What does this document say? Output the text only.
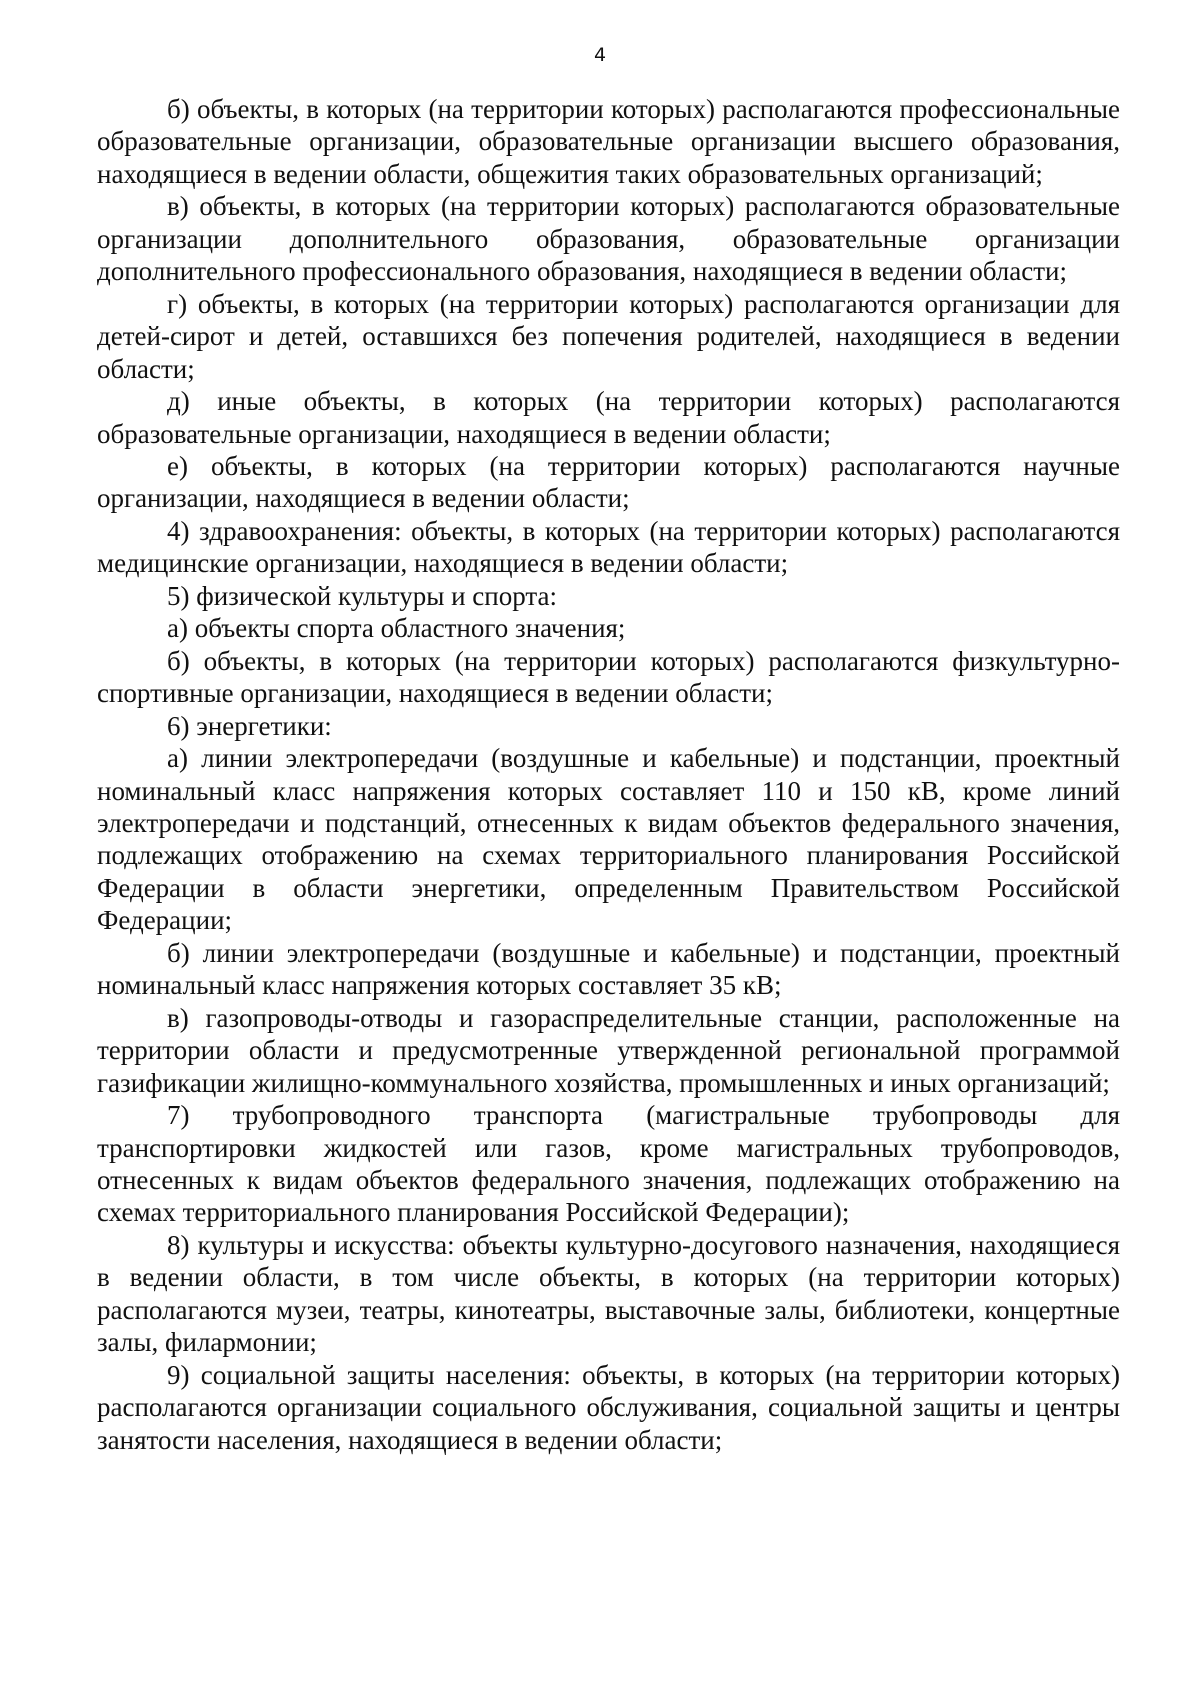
4

б) объекты, в которых (на территории которых) располагаются профессиональные образовательные организации, образовательные организации высшего образования, находящиеся в ведении области, общежития таких образовательных организаций;

в) объекты, в которых (на территории которых) располагаются образовательные организации дополнительного образования, образовательные организации дополнительного профессионального образования, находящиеся в ведении области;

г) объекты, в которых (на территории которых) располагаются организации для детей-сирот и детей, оставшихся без попечения родителей, находящиеся в ведении области;

д) иные объекты, в которых (на территории которых) располагаются образовательные организации, находящиеся в ведении области;

е) объекты, в которых (на территории которых) располагаются научные организации, находящиеся в ведении области;

4) здравоохранения: объекты, в которых (на территории которых) располагаются медицинские организации, находящиеся в ведении области;

5) физической культуры и спорта:

а) объекты спорта областного значения;

б) объекты, в которых (на территории которых) располагаются физкультурно-спортивные организации, находящиеся в ведении области;

6) энергетики:

а) линии электропередачи (воздушные и кабельные) и подстанции, проектный номинальный класс напряжения которых составляет 110 и 150 кВ, кроме линий электропередачи и подстанций, отнесенных к видам объектов федерального значения, подлежащих отображению на схемах территориального планирования Российской Федерации в области энергетики, определенным Правительством Российской Федерации;

б) линии электропередачи (воздушные и кабельные) и подстанции, проектный номинальный класс напряжения которых составляет 35 кВ;

в) газопроводы-отводы и газораспределительные станции, расположенные на территории области и предусмотренные утвержденной региональной программой газификации жилищно-коммунального хозяйства, промышленных и иных организаций;

7) трубопроводного транспорта (магистральные трубопроводы для транспортировки жидкостей или газов, кроме магистральных трубопроводов, отнесенных к видам объектов федерального значения, подлежащих отображению на схемах территориального планирования Российской Федерации);

8) культуры и искусства: объекты культурно-досугового назначения, находящиеся в ведении области, в том числе объекты, в которых (на территории которых) располагаются музеи, театры, кинотеатры, выставочные залы, библиотеки, концертные залы, филармонии;

9) социальной защиты населения: объекты, в которых (на территории которых) располагаются организации социального обслуживания, социальной защиты и центры занятости населения, находящиеся в ведении области;
